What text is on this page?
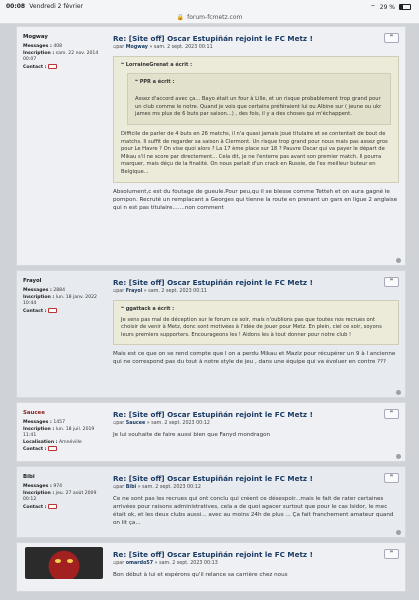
00:08 Vendredi 2 février	⌔ 29 %
🔒 forum-fcmetz.com
Mogway
Messages : 408
Inscription : sam. 22 nov. 2014 00:07
Contact :
Re: [Site off] Oscar Estupiñán rejoint le FC Metz !
▫par Mogway » sam. 2 sept. 2023 00:11
❝ LorraineGrenat a écrit :
❝ PPR a écrit :
Assez d'accord avec ça... Bayo était un four à Lille, et un risque probablement trop grand pour un club comme le notre. Quand je vois que certains préféraient lui ou Albine sur ( jeune ou ukr james ms plus de 6 buts par saison...) , des fois, il y a des choses qui m'échappent.
Difficile de parler de 4 buts en 26 matchs, il n'a quasi jamais joué titulaire et se contentait de bout de matchs. Il suffit de regarder sa saison à Clermont. Un risque trop grand pour nous mais pas assez gros pour Le Havre ? On vise quoi alors ? La 17 ème place sur 18 ? Pauvre Oscar qui va payer le départ de Mikau s'il ne score par directement... Cela dit, je ne l'enterre pas avant son premier match. Il pourra marquer, mais déçu de la finalité. On nous parlait d'un crack en Russie, de l'ex meilleur buteur en Belgique...
Absolument,c est du foutage de gueule.Pour peu,qu il se blesse comme Tetteh et on aura gagné le pompon. Recruté un remplacant a Georges qui tienne la route en prenant un gars en ligue 2 anglaise qui n est pas titulaire.......non comment
❞
Frayol
Messages : 2884
Inscription : lun. 18 janv. 2022 10:44
Contact :
Re: [Site off] Oscar Estupiñán rejoint le FC Metz !
▫par Frayol » sam. 2 sept. 2023 00:11
❝ ggattack a écrit :
Je sens pas mal de déception sur le forum ce soir, mais n'oublions pas que toutes nos recrues ont choisir de venir à Metz, donc sont motivées à l'idée de jouer pour Metz. En plein, ciel ce soir, soyons leurs premiers supporters. Encourageons les ! Aidons les à tout donner pour notre club !
Mais est ce que on se rend compte que l on a perdu Mikau et Mazlz pour récupérer un 9 à l ancienne qui ne correspond pas du tout à notre style de jeu , dans une équipe qui va évoluer en contre ???
❞
Saucee
Messages : 1457
Inscription : lun. 18 juil. 2019 11:41
Localisation : Amnéville
Contact :
Re: [Site off] Oscar Estupiñán rejoint le FC Metz !
▫par Saucee » sam. 2 sept. 2023 00:12
Je lui souhaite de faire aussi bien que Fanyd mondragon
❞
Bibi
Messages : 974
Inscription : jeu. 27 août 2009 00:12
Contact :
Re: [Site off] Oscar Estupiñán rejoint le FC Metz !
▫par Bibi » sam. 2 sept. 2023 00:12
Ce ne sont pas les recrues qui ont conclu qui créent ce désespoir...mais le fait de rater certaines arrivées pour raisons administratives, cela a de quoi agacer surtout que pour le cas Isidor, le mec était ok, et les deux clubs aussi... avec au moins 24h de plus ... Ça fait franchement amateur quand on lit ça...
❞
Re: [Site off] Oscar Estupiñán rejoint le FC Metz !
▫par omardo57 » sam. 2 sept. 2023 00:13
Bon début à lui et espérons qu'il relance sa carrière chez nous
❞
